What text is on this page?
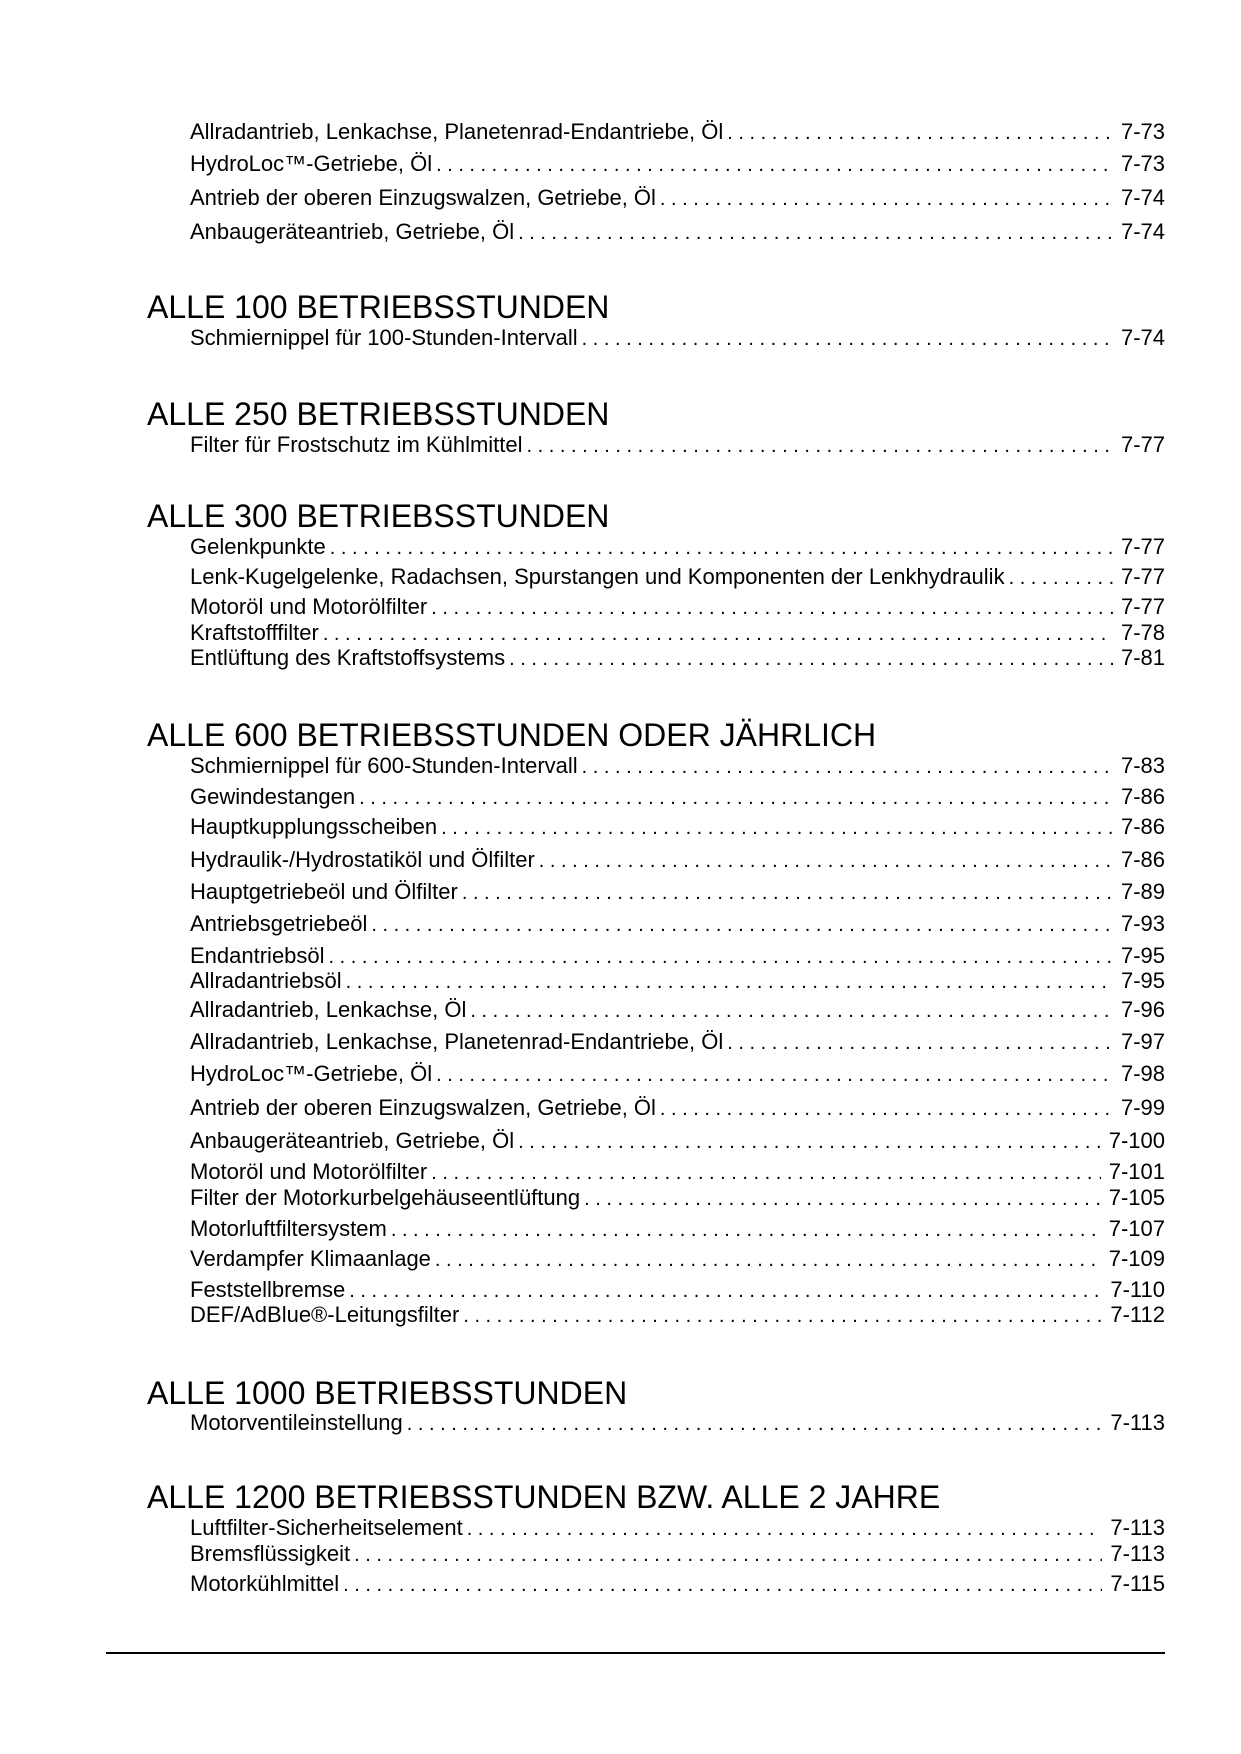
Allradantrieb, Lenkachse, Planetenrad-Endantriebe, Öl . . .	7-73
HydroLoc™-Getriebe, Öl . . .	7-73
Antrieb der oberen Einzugswalzen, Getriebe, Öl . . .	7-74
Anbaugeräteantrieb, Getriebe, Öl . . .	7-74
ALLE 100 BETRIEBSSTUNDEN
Schmiernippel für 100-Stunden-Intervall . . .	7-74
ALLE 250 BETRIEBSSTUNDEN
Filter für Frostschutz im Kühlmittel . . .	7-77
ALLE 300 BETRIEBSSTUNDEN
Gelenkpunkte . . .	7-77
Lenk-Kugelgelenke, Radachsen, Spurstangen und Komponenten der Lenkhydraulik . . .	7-77
Motoröl und Motorölfilter . . .	7-77
Kraftstofffilter . . .	7-78
Entlüftung des Kraftstoffsystems . . .	7-81
ALLE 600 BETRIEBSSTUNDEN ODER JÄHRLICH
Schmiernippel für 600-Stunden-Intervall . . .	7-83
Gewindestangen . . .	7-86
Hauptkupplungsscheiben . . .	7-86
Hydraulik-/Hydrostatiköl und Ölfilter . . .	7-86
Hauptgetriebeöl und Ölfilter . . .	7-89
Antriebsgetriebeöl . . .	7-93
Endantriebsöl . . .	7-95
Allradantriebsöl . . .	7-95
Allradantrieb, Lenkachse, Öl . . .	7-96
Allradantrieb, Lenkachse, Planetenrad-Endantriebe, Öl . . .	7-97
HydroLoc™-Getriebe, Öl . . .	7-98
Antrieb der oberen Einzugswalzen, Getriebe, Öl . . .	7-99
Anbaugeräteantrieb, Getriebe, Öl . . .	7-100
Motoröl und Motorölfilter . . .	7-101
Filter der Motorkurbelgehäuseentlüftung . . .	7-105
Motorluftfiltersystem . . .	7-107
Verdampfer Klimaanlage . . .	7-109
Feststellbremse . . .	7-110
DEF/AdBlue®-Leitungsfilter . . .	7-112
ALLE 1000 BETRIEBSSTUNDEN
Motorventileinstellung . . .	7-113
ALLE 1200 BETRIEBSSTUNDEN BZW. ALLE 2 JAHRE
Luftfilter-Sicherheitselement . . .	7-113
Bremsflüssigkeit . . .	7-113
Motorkühlmittel . . .	7-115
